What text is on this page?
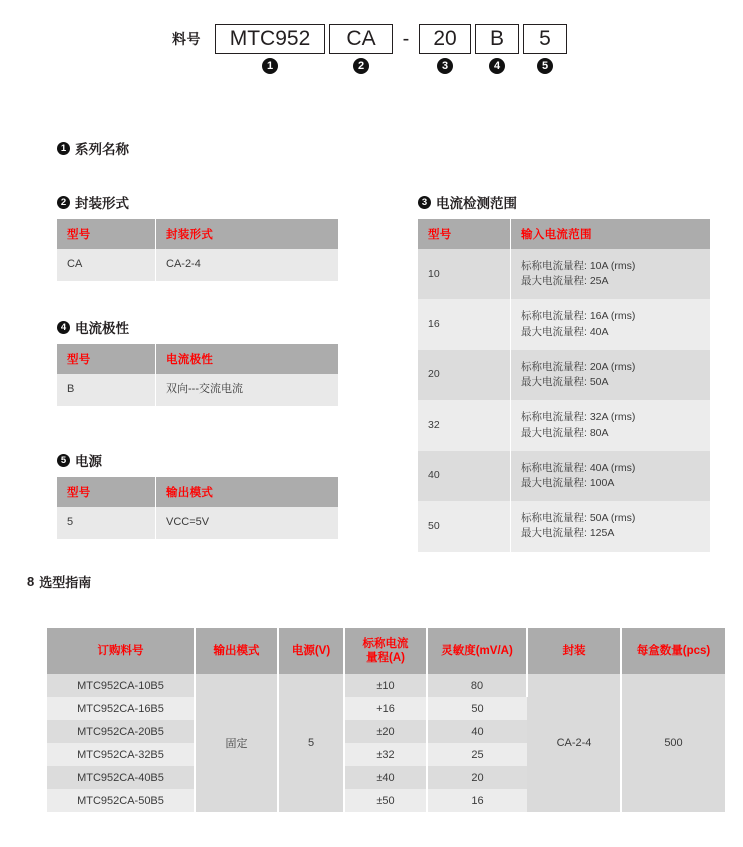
料号	MTC952	CA	-	20	B	5
1	2	3	4	5
1 系列名称
2 封装形式
型号	封装形式
CA	CA-2-4
4 电流极性
型号	电流极性
B	双向---交流电流
5 电源
型号	输出模式
5	VCC=5V
3 电流检测范围
型号	输入电流范围
10	标称电流量程: 10A (rms)
最大电流量程: 25A

16	标称电流量程: 16A (rms)
最大电流量程: 40A

20	标称电流量程: 20A (rms)
最大电流量程: 50A

32	标称电流量程: 32A (rms)
最大电流量程: 80A

40	标称电流量程: 40A (rms)
最大电流量程: 100A

50	标称电流量程: 50A (rms)
最大电流量程: 125A
8 选型指南
订购料号	输出模式	电源(V)	标称电流
量程(A)	灵敏度(mV/A)	封装	每盒数量(pcs)
MTC952CA-10B5	固定	5	±10	80	CA-2-4	500
MTC952CA-16B5			+16	50		
MTC952CA-20B5			±20	40		
MTC952CA-32B5			±32	25		
MTC952CA-40B5			±40	20		
MTC952CA-50B5			±50	16		
